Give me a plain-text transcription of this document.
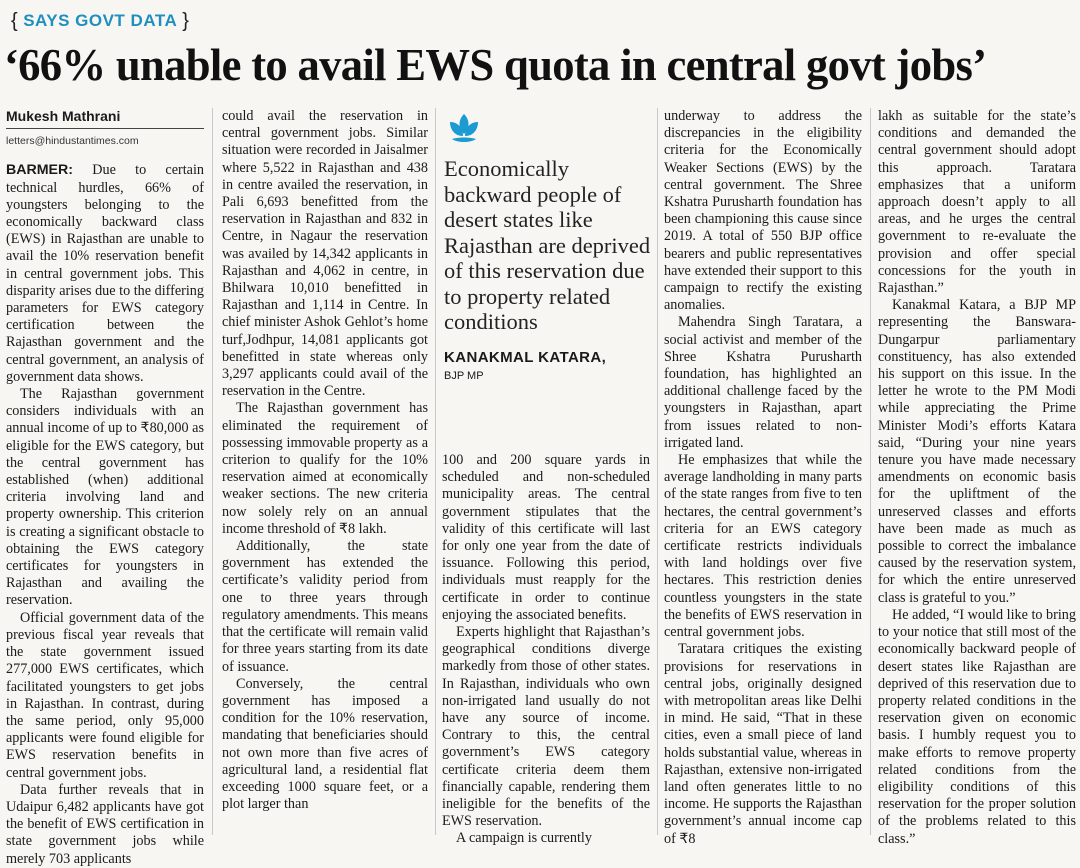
{ SAYS GOVT DATA }
‘66% unable to avail EWS quota in central govt jobs’
Mukesh Mathrani
letters@hindustantimes.com

BARMER: Due to certain technical hurdles, 66% of youngsters belonging to the economically backward class (EWS) in Rajasthan are unable to avail the 10% reservation benefit in central government jobs. This disparity arises due to the differing parameters for EWS category certification between the Rajasthan government and the central government, an analysis of government data shows.

The Rajasthan government considers individuals with an annual income of up to ₹80,000 as eligible for the EWS category, but the central government has established (when) additional criteria involving land and property ownership. This criterion is creating a significant obstacle to obtaining the EWS category certificates for youngsters in Rajasthan and availing the reservation.

Official government data of the previous fiscal year reveals that the state government issued 277,000 EWS certificates, which facilitated youngsters to get jobs in Rajasthan. In contrast, during the same period, only 95,000 applicants were found eligible for EWS reservation benefits in central government jobs.

Data further reveals that in Udaipur 6,482 applicants have got the benefit of EWS certification in state government jobs while merely 703 applicants

could avail the reservation in central government jobs. Similar situation were recorded in Jaisalmer where 5,522 in Rajasthan and 438 in centre availed the reservation, in Pali 6,693 benefitted from the reservation in Rajasthan and 832 in Centre, in Nagaur the reservation was availed by 14,342 applicants in Rajasthan and 4,062 in centre, in Bhilwara 10,010 benefitted in Rajasthan and 1,114 in Centre. In chief minister Ashok Gehlot’s home turf,Jodhpur, 14,081 applicants got benefitted in state whereas only 3,297 applicants could avail of the reservation in the Centre.

The Rajasthan government has eliminated the requirement of possessing immovable property as a criterion to qualify for the 10% reservation aimed at economically weaker sections. The new criteria now solely rely on an annual income threshold of ₹8 lakh.

Additionally, the state government has extended the certificate’s validity period from one to three years through regulatory amendments. This means that the certificate will remain valid for three years starting from its date of issuance.

Conversely, the central government has imposed a condition for the 10% reservation, mandating that beneficiaries should not own more than five acres of agricultural land, a residential flat exceeding 1000 square feet, or a plot larger than

Economically backward people of desert states like Rajasthan are deprived of this reservation due to property related conditions
KANAKMAL KATARA,
BJP MP

100 and 200 square yards in scheduled and non-scheduled municipality areas. The central government stipulates that the validity of this certificate will last for only one year from the date of issuance. Following this period, individuals must reapply for the certificate in order to continue enjoying the associated benefits.

Experts highlight that Rajasthan’s geographical conditions diverge markedly from those of other states. In Rajasthan, individuals who own non-irrigated land usually do not have any source of income. Contrary to this, the central government’s EWS category certificate criteria deem them financially capable, rendering them ineligible for the benefits of the EWS reservation.

A campaign is currently

underway to address the discrepancies in the eligibility criteria for the Economically Weaker Sections (EWS) by the central government. The Shree Kshatra Purusharth foundation has been championing this cause since 2019. A total of 550 BJP office bearers and public representatives have extended their support to this campaign to rectify the existing anomalies.

Mahendra Singh Taratara, a social activist and member of the Shree Kshatra Purusharth foundation, has highlighted an additional challenge faced by the youngsters in Rajasthan, apart from issues related to non-irrigated land.

He emphasizes that while the average landholding in many parts of the state ranges from five to ten hectares, the central government’s criteria for an EWS category certificate restricts individuals with land holdings over five hectares. This restriction denies countless youngsters in the state the benefits of EWS reservation in central government jobs.

Taratara critiques the existing provisions for reservations in central jobs, originally designed with metropolitan areas like Delhi in mind. He said, “That in these cities, even a small piece of land holds substantial value, whereas in Rajasthan, extensive non-irrigated land often generates little to no income. He supports the Rajasthan government’s annual income cap of ₹8

lakh as suitable for the state’s conditions and demanded the central government should adopt this approach. Taratara emphasizes that a uniform approach doesn’t apply to all areas, and he urges the central government to re-evaluate the provision and offer special concessions for the youth in Rajasthan.”

Kanakmal Katara, a BJP MP representing the Banswara-Dungarpur parliamentary constituency, has also extended his support on this issue. In the letter he wrote to the PM Modi while appreciating the Prime Minister Modi’s efforts Katara said, “During your nine years tenure you have made necessary amendments on economic basis for the upliftment of the unreserved classes and efforts have been made as much as possible to correct the imbalance caused by the reservation system, for which the entire unreserved class is grateful to you.”

He added, “I would like to bring to your notice that still most of the economically backward people of desert states like Rajasthan are deprived of this reservation due to property related conditions in the reservation given on economic basis. I humbly request you to make efforts to remove property related conditions from the eligibility conditions of this reservation for the proper solution of the problems related to this class.”
